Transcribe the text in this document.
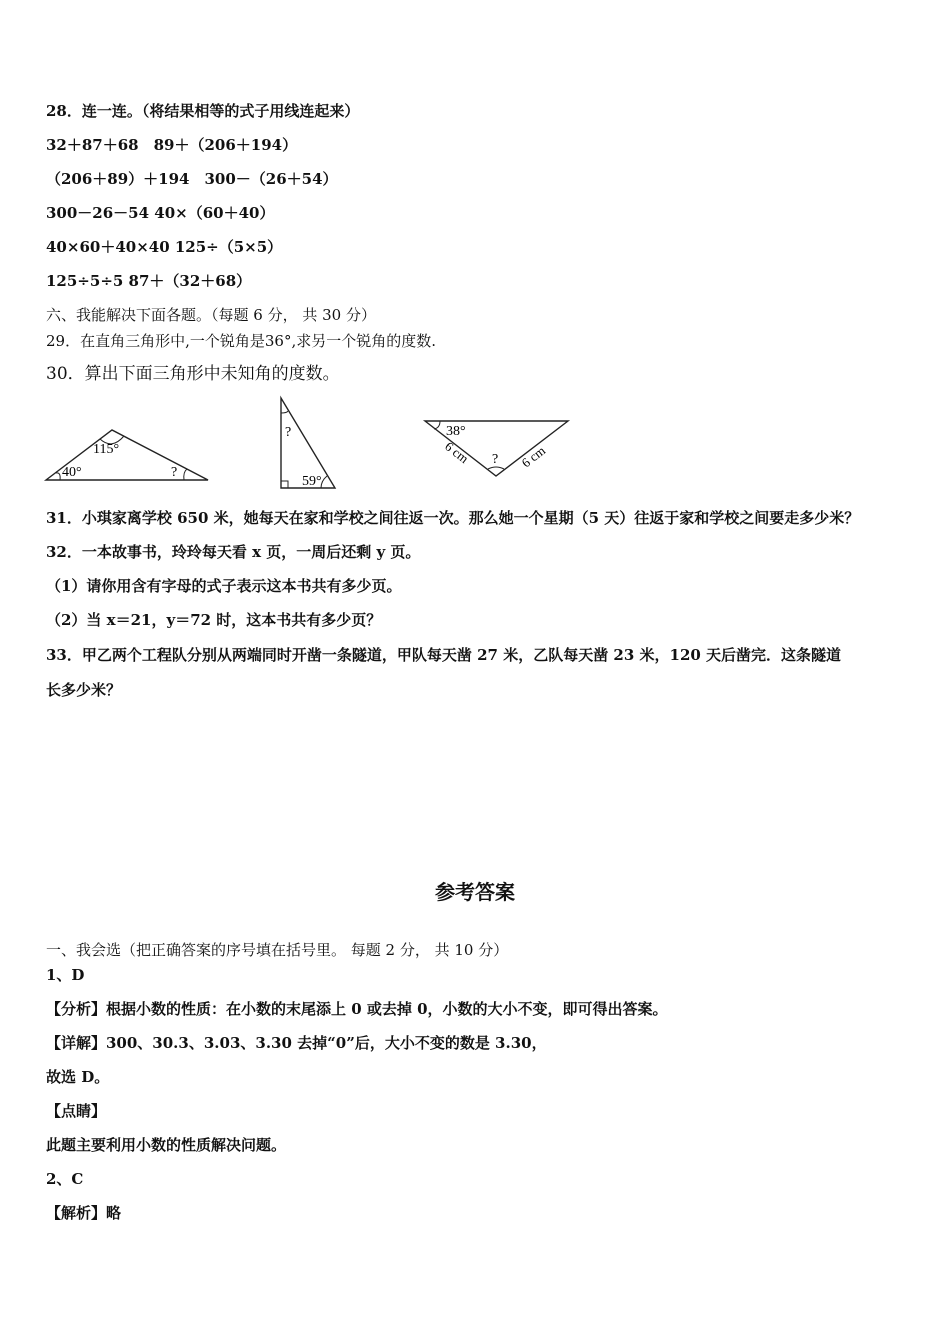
28．连一连。（将结果相等的式子用线连起来）
32＋87＋68　89＋（206＋194）
（206＋89）＋194　300－（26＋54）
300－26－54 40×（60＋40）
40×60＋40×40 125÷（5×5）
125÷5÷5 87＋（32＋68）
六、我能解决下面各题。（每题 6 分， 共 30 分）
29．在直角三角形中,一个锐角是36°,求另一个锐角的度数.
30．算出下面三角形中未知角的度数。
115°
40°	?
?
59°
38°
?
6 cm	6 cm
31．小琪家离学校 650 米，她每天在家和学校之间往返一次。那么她一个星期（5 天）往返于家和学校之间要走多少米？
32．一本故事书，玲玲每天看 x 页，一周后还剩 y 页。
（1）请你用含有字母的式子表示这本书共有多少页。
（2）当 x＝21，y＝72 时，这本书共有多少页？
33．甲乙两个工程队分别从两端同时开凿一条隧道，甲队每天凿 27 米，乙队每天凿 23 米，120 天后凿完．这条隧道
长多少米？
参考答案
一、我会选（把正确答案的序号填在括号里。 每题 2 分， 共 10 分）
1、D
【分析】根据小数的性质：在小数的末尾添上 0 或去掉 0，小数的大小不变，即可得出答案。
【详解】300、30.3、3.03、3.30 去掉“0”后，大小不变的数是 3.30，
故选 D。
【点睛】
此题主要利用小数的性质解决问题。
2、C
【解析】略
